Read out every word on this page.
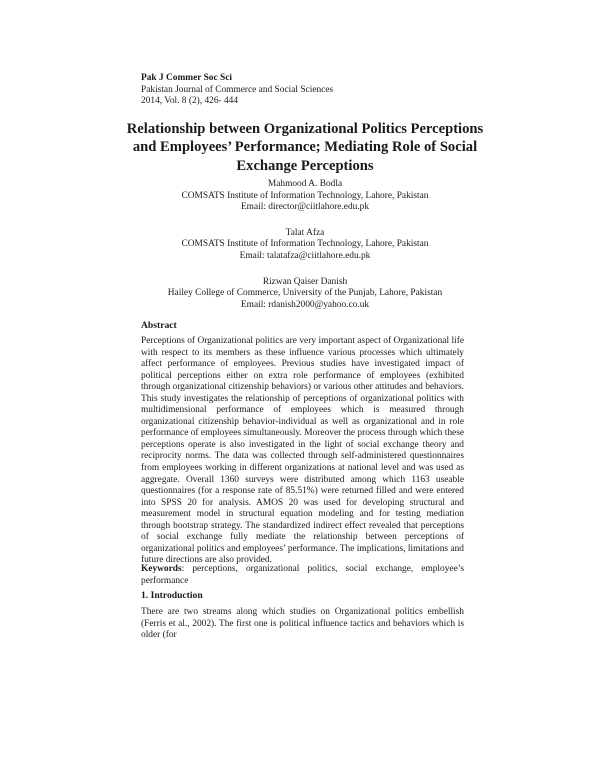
Pak J Commer Soc Sci
Pakistan Journal of Commerce and Social Sciences
2014, Vol. 8 (2), 426- 444
Relationship between Organizational Politics Perceptions and Employees’ Performance; Mediating Role of Social Exchange Perceptions
Mahmood A. Bodla
COMSATS Institute of Information Technology, Lahore, Pakistan
Email: director@ciitlahore.edu.pk
Talat Afza
COMSATS Institute of Information Technology, Lahore, Pakistan
Email: talatafza@ciitlahore.edu.pk
Rizwan Qaiser Danish
Hailey College of Commerce, University of the Punjab, Lahore, Pakistan
Email: rdanish2000@yahoo.co.uk
Abstract
Perceptions of Organizational politics are very important aspect of Organizational life with respect to its members as these influence various processes which ultimately affect performance of employees. Previous studies have investigated impact of political perceptions either on extra role performance of employees (exhibited through organizational citizenship behaviors) or various other attitudes and behaviors. This study investigates the relationship of perceptions of organizational politics with multidimensional performance of employees which is measured through organizational citizenship behavior-individual as well as organizational and in role performance of employees simultaneously. Moreover the process through which these perceptions operate is also investigated in the light of social exchange theory and reciprocity norms. The data was collected through self-administered questionnaires from employees working in different organizations at national level and was used as aggregate. Overall 1360 surveys were distributed among which 1163 useable questionnaires (for a response rate of 85.51%) were returned filled and were entered into SPSS 20 for analysis. AMOS 20 was used for developing structural and measurement model in structural equation modeling and for testing mediation through bootstrap strategy. The standardized indirect effect revealed that perceptions of social exchange fully mediate the relationship between perceptions of organizational politics and employees’ performance. The implications, limitations and future directions are also provided.
Keywords: perceptions, organizational politics, social exchange, employee’s performance
1. Introduction
There are two streams along which studies on Organizational politics embellish (Ferris et al., 2002). The first one is political influence tactics and behaviors which is older (for
